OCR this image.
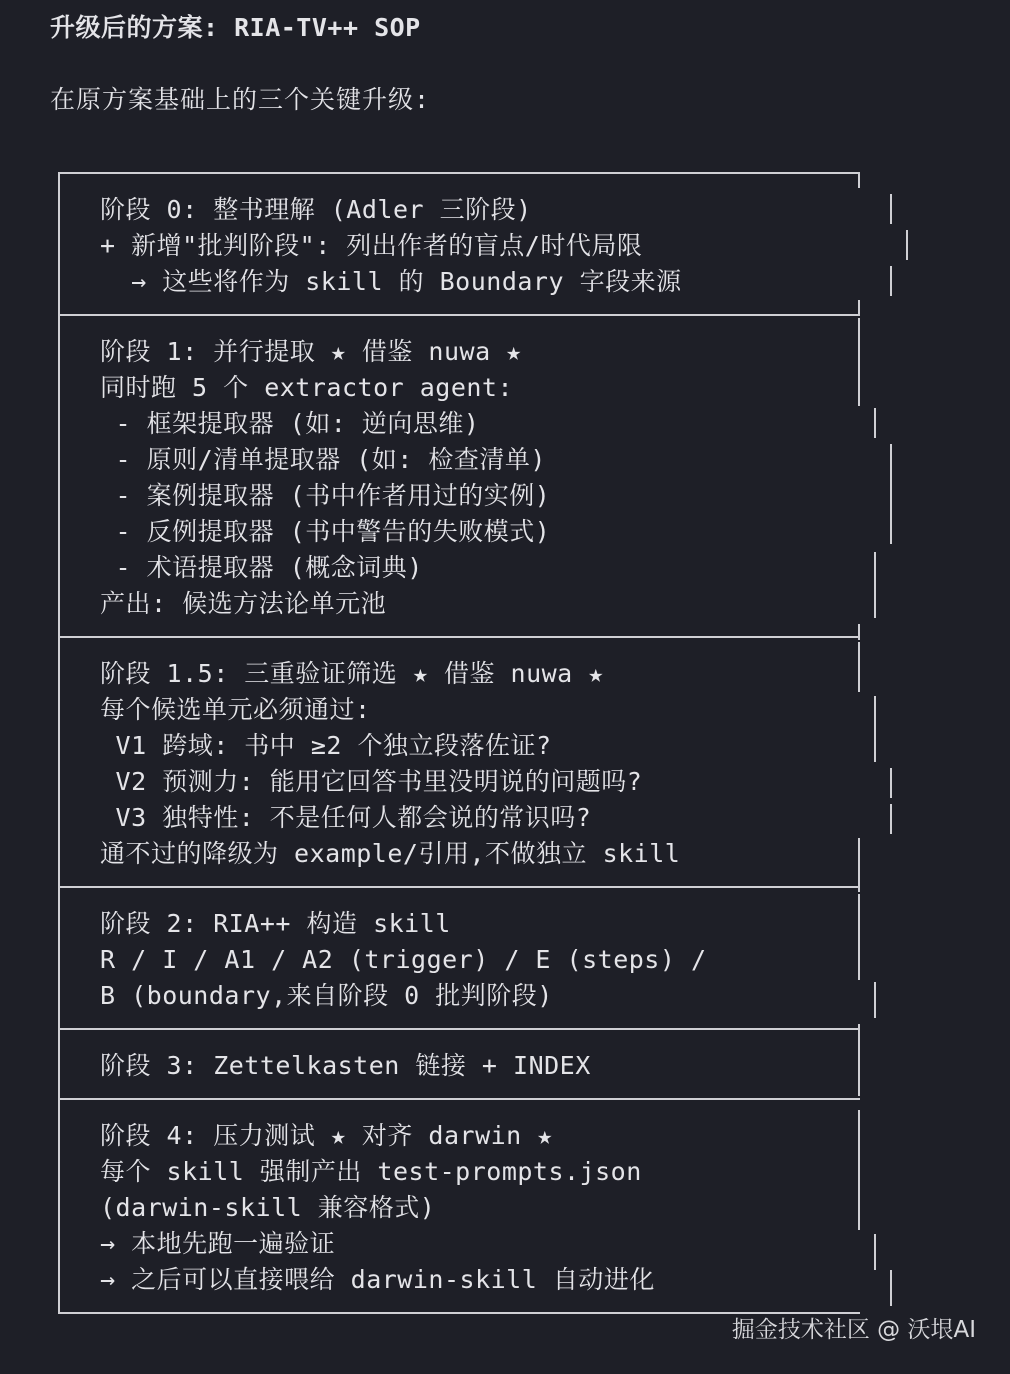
升级后的方案: RIA-TV++ SOP
在原方案基础上的三个关键升级:
阶段 0: 整书理解 (Adler 三阶段)
+ 新增"批判阶段": 列出作者的盲点/时代局限
→ 这些将作为 skill 的 Boundary 字段来源
阶段 1: 并行提取 ★ 借鉴 nuwa ★
同时跑 5 个 extractor agent:
- 框架提取器 (如: 逆向思维)
- 原则/清单提取器 (如: 检查清单)
- 案例提取器 (书中作者用过的实例)
- 反例提取器 (书中警告的失败模式)
- 术语提取器 (概念词典)
产出: 候选方法论单元池
阶段 1.5: 三重验证筛选 ★ 借鉴 nuwa ★
每个候选单元必须通过:
V1 跨域: 书中 ≥2 个独立段落佐证?
V2 预测力: 能用它回答书里没明说的问题吗?
V3 独特性: 不是任何人都会说的常识吗?
通不过的降级为 example/引用,不做独立 skill
阶段 2: RIA++ 构造 skill
R / I / A1 / A2 (trigger) / E (steps) /
B (boundary,来自阶段 0 批判阶段)
阶段 3: Zettelkasten 链接 + INDEX
阶段 4: 压力测试 ★ 对齐 darwin ★
每个 skill 强制产出 test-prompts.json
(darwin-skill 兼容格式)
→ 本地先跑一遍验证
→ 之后可以直接喂给 darwin-skill 自动进化
掘金技术社区 @ 沃垠AI
